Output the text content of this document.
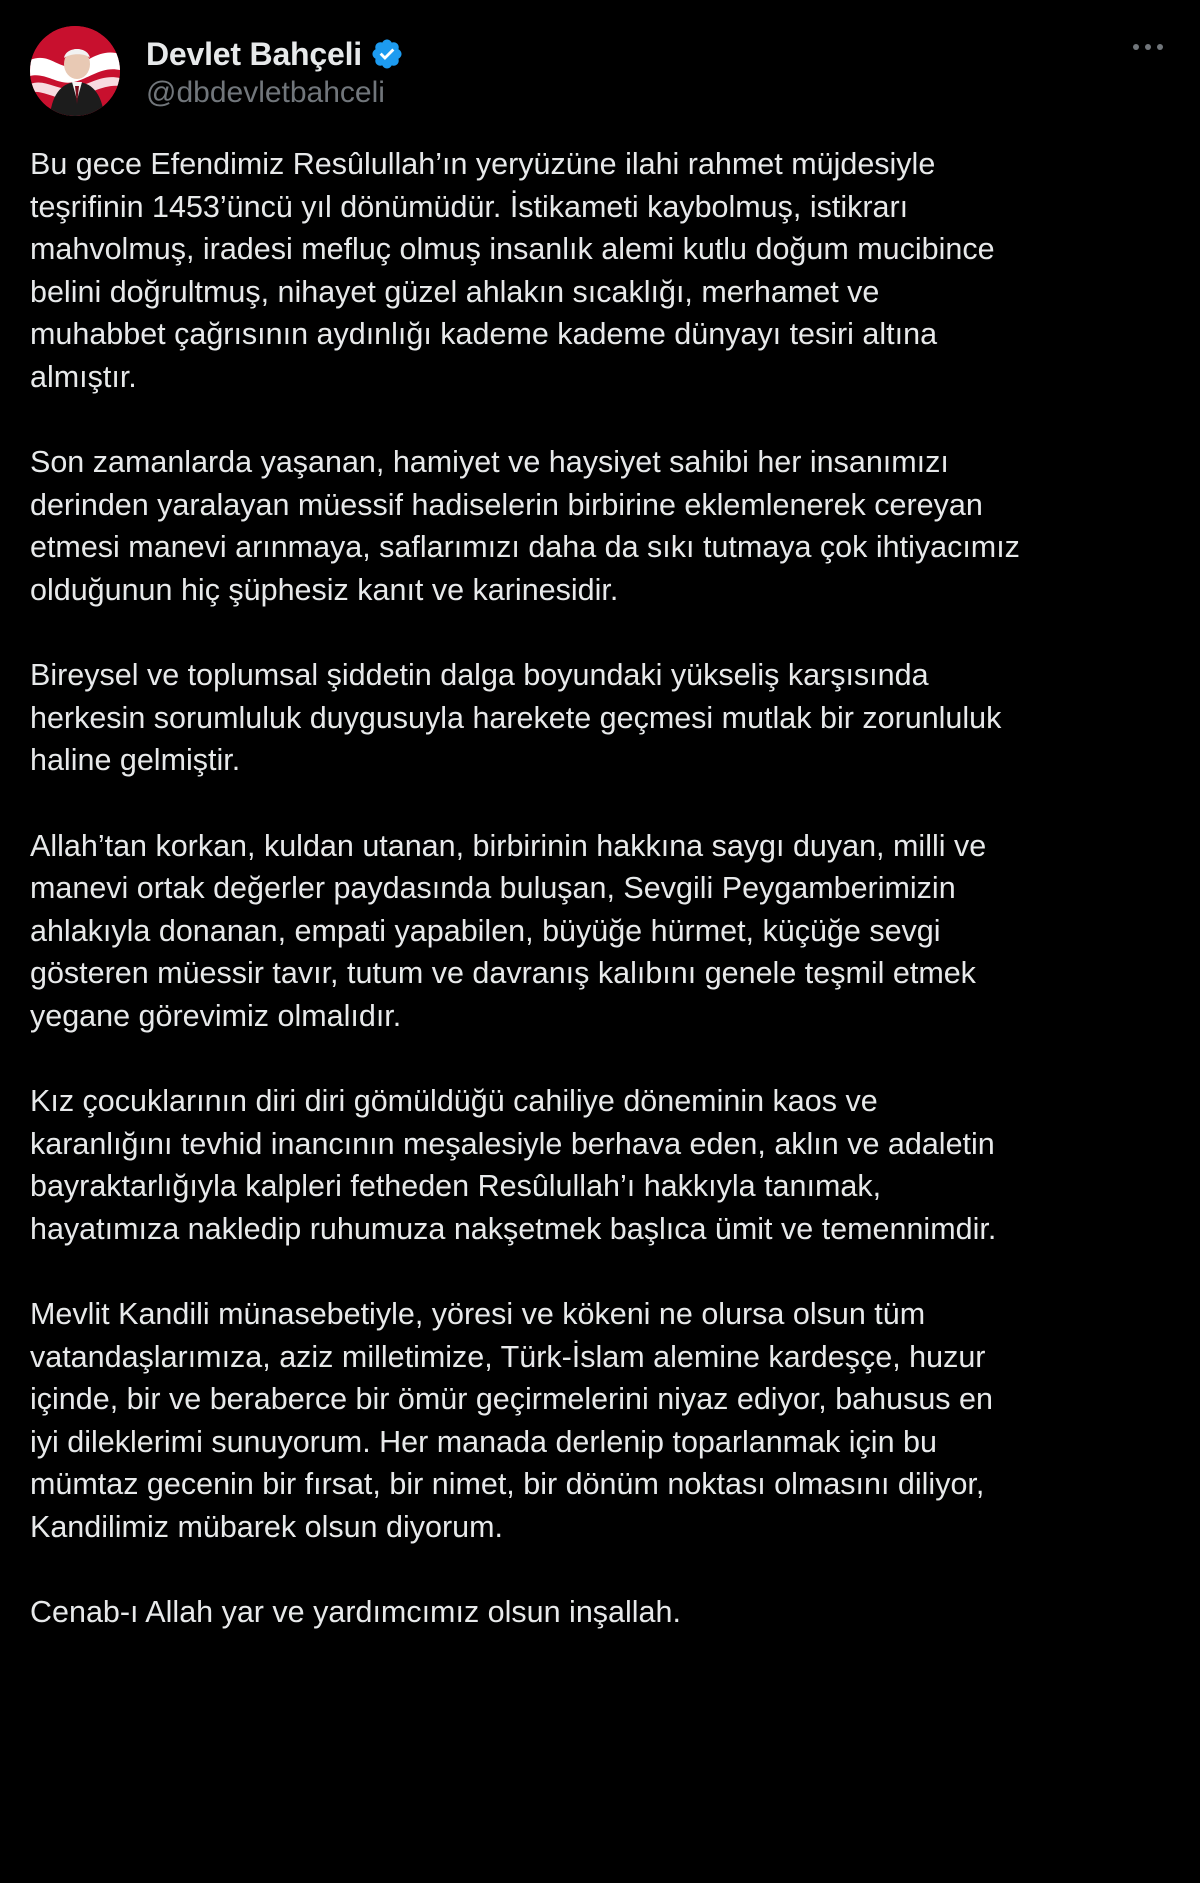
Devlet Bahçeli
@dbdevletbahceli

Bu gece Efendimiz Resûlullah’ın yeryüzüne ilahi rahmet müjdesiyle
teşrifinin 1453’üncü yıl dönümüdür. İstikameti kaybolmuş, istikrarı
mahvolmuş, iradesi mefluç olmuş insanlık alemi kutlu doğum mucibince
belini doğrultmuş, nihayet güzel ahlakın sıcaklığı, merhamet ve
muhabbet çağrısının aydınlığı kademe kademe dünyayı tesiri altına
almıştır.

Son zamanlarda yaşanan, hamiyet ve haysiyet sahibi her insanımızı
derinden yaralayan müessif hadiselerin birbirine eklemlenerek cereyan
etmesi manevi arınmaya, saflarımızı daha da sıkı tutmaya çok ihtiyacımız
olduğunun hiç şüphesiz kanıt ve karinesidir.

Bireysel ve toplumsal şiddetin dalga boyundaki yükseliş karşısında
herkesin sorumluluk duygusuyla harekete geçmesi mutlak bir zorunluluk
haline gelmiştir.

Allah’tan korkan, kuldan utanan, birbirinin hakkına saygı duyan, milli ve
manevi ortak değerler paydasında buluşan, Sevgili Peygamberimizin
ahlakıyla donanan, empati yapabilen, büyüğe hürmet, küçüğe sevgi
gösteren müessir tavır, tutum ve davranış kalıbını genele teşmil etmek
yegane görevimiz olmalıdır.

Kız çocuklarının diri diri gömüldüğü cahiliye döneminin kaos ve
karanlığını tevhid inancının meşalesiyle berhava eden, aklın ve adaletin
bayraktarlığıyla kalpleri fetheden Resûlullah’ı hakkıyla tanımak,
hayatımıza nakledip ruhumuza nakşetmek başlıca ümit ve temennimdir.

Mevlit Kandili münasebetiyle, yöresi ve kökeni ne olursa olsun tüm
vatandaşlarımıza, aziz milletimize, Türk-İslam alemine kardeşçe, huzur
içinde, bir ve beraberce bir ömür geçirmelerini niyaz ediyor, bahusus en
iyi dileklerimi sunuyorum. Her manada derlenip toparlanmak için bu
mümtaz gecenin bir fırsat, bir nimet, bir dönüm noktası olmasını diliyor,
Kandilimiz mübarek olsun diyorum.

Cenab-ı Allah yar ve yardımcımız olsun inşallah.
